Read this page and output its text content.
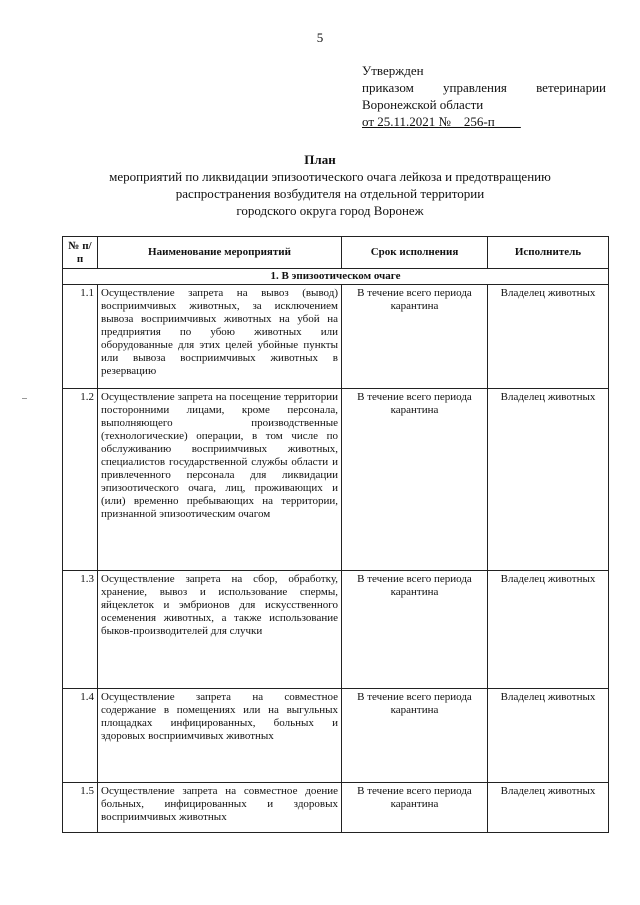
5
Утвержден
приказом управления ветеринарии
Воронежской области
от 25.11.2021 №__256-п____
План
мероприятий по ликвидации эпизоотического очага лейкоза и предотвращению
распространения возбудителя на отдельной территории
городского округа город Воронеж
№ п/п	Наименование мероприятий	Срок исполнения	Исполнитель
1. В эпизоотическом очаге			
1.1	Осуществление запрета на вывоз (вывод) восприимчивых животных, за исключением вывоза восприимчивых животных на убой на предприятия по убою животных или оборудованные для этих целей убойные пункты или вывоза восприимчивых животных в резервацию	В течение всего периода карантина	Владелец животных
1.2	Осуществление запрета на посещение территории посторонними лицами, кроме персонала, выполняющего производственные (технологические) операции, в том числе по обслуживанию восприимчивых животных, специалистов государственной службы области и привлеченного персонала для ликвидации эпизоотического очага, лиц, проживающих и (или) временно пребывающих на территории, признанной эпизоотическим очагом	В течение всего периода карантина	Владелец животных
1.3	Осуществление запрета на сбор, обработку, хранение, вывоз и использование спермы, яйцеклеток и эмбрионов для искусственного осеменения животных, а также использование быков-производителей для случки	В течение всего периода карантина	Владелец животных
1.4	Осуществление запрета на совместное содержание в помещениях или на выгульных площадках инфицированных, больных и здоровых восприимчивых животных	В течение всего периода карантина	Владелец животных
1.5	Осуществление запрета на совместное доение больных, инфицированных и здоровых восприимчивых животных	В течение всего периода карантина	Владелец животных
